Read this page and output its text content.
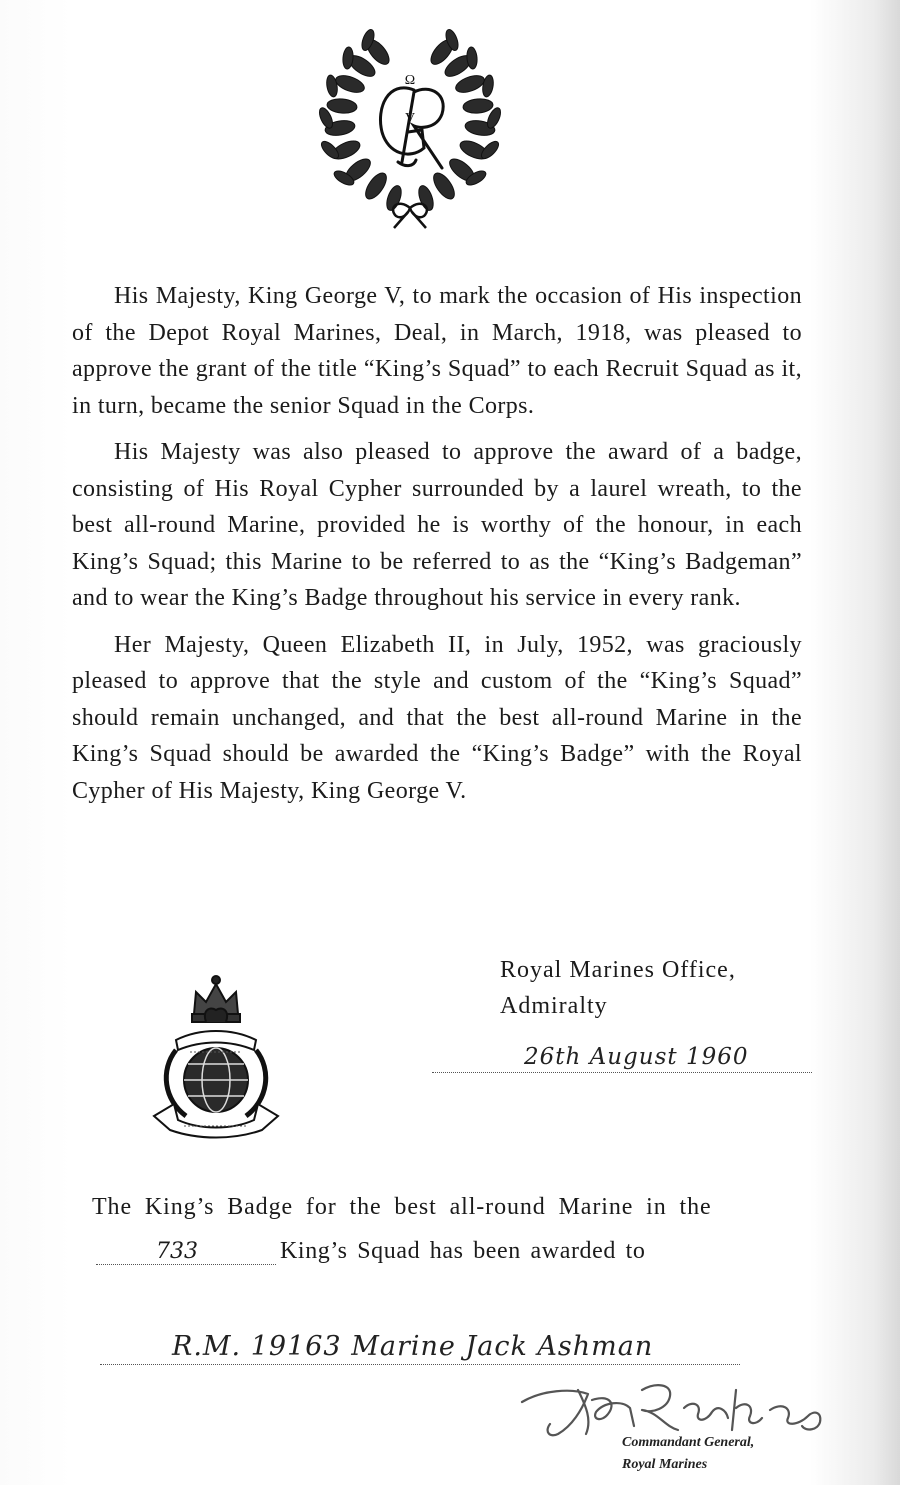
Ω
V

His Majesty, King George V, to mark the occasion of His inspection of the Depot Royal Marines, Deal, in March, 1918, was pleased to approve the grant of the title “King’s Squad” to each Recruit Squad as it, in turn, became the senior Squad in the Corps.

His Majesty was also pleased to approve the award of a badge, consisting of His Royal Cypher surrounded by a laurel wreath, to the best all-round Marine, provided he is worthy of the honour, in each King’s Squad; this Marine to be referred to as the “King’s Badgeman” and to wear the King’s Badge throughout his service in every rank.

Her Majesty, Queen Elizabeth II, in July, 1952, was graciously pleased to approve that the style and custom of the “King’s Squad” should remain unchanged, and that the best all-round Marine in the King’s Squad should be awarded the “King’s Badge” with the Royal Cypher of His Majesty, King George V.

Royal Marines Office,
Admiralty
26th August 1960
The King’s Badge for the best all-round Marine in the
733	King’s Squad has been awarded to
R.M. 19163 Marine Jack Ashman
Commandant General,
Royal Marines
